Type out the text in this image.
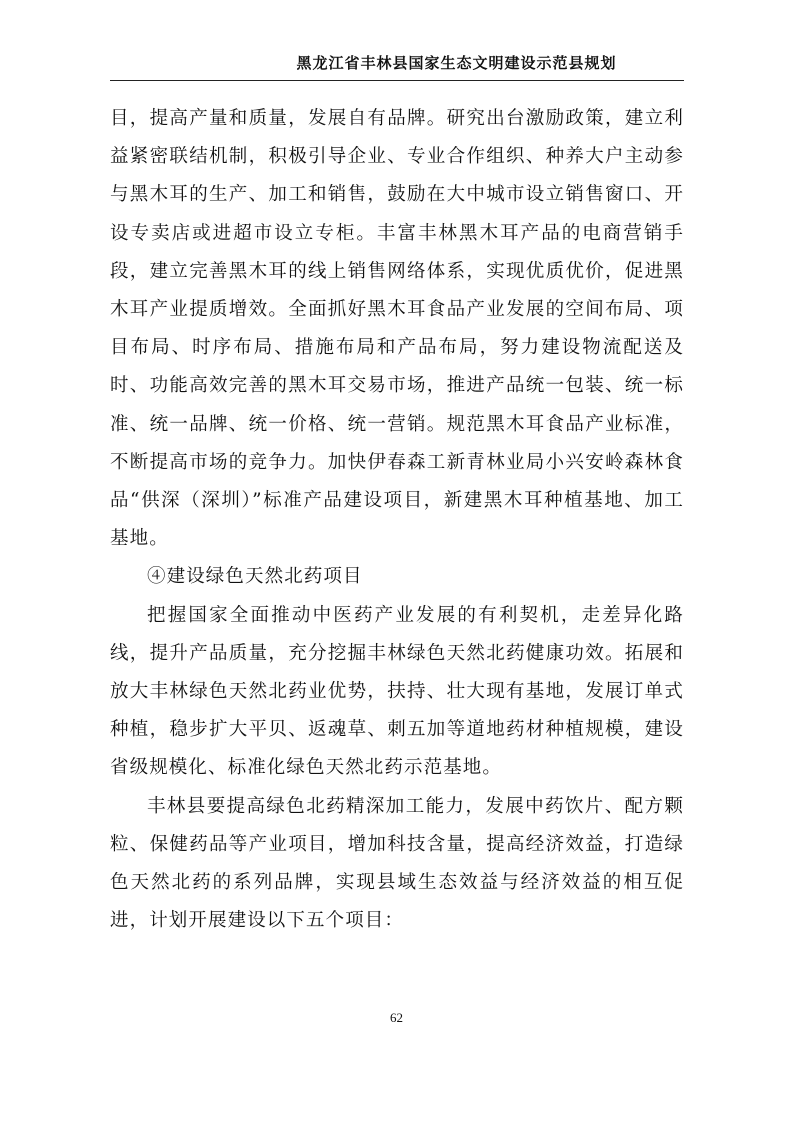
黑龙江省丰林县国家生态文明建设示范县规划

目，提高产量和质量，发展自有品牌。研究出台激励政策，建立利益紧密联结机制，积极引导企业、专业合作组织、种养大户主动参与黑木耳的生产、加工和销售，鼓励在大中城市设立销售窗口、开设专卖店或进超市设立专柜。丰富丰林黑木耳产品的电商营销手段，建立完善黑木耳的线上销售网络体系，实现优质优价，促进黑木耳产业提质增效。全面抓好黑木耳食品产业发展的空间布局、项目布局、时序布局、措施布局和产品布局，努力建设物流配送及时、功能高效完善的黑木耳交易市场，推进产品统一包装、统一标准、统一品牌、统一价格、统一营销。规范黑木耳食品产业标准，不断提高市场的竞争力。加快伊春森工新青林业局小兴安岭森林食品“供深（深圳）”标准产品建设项目，新建黑木耳种植基地、加工基地。

④建设绿色天然北药项目

把握国家全面推动中医药产业发展的有利契机，走差异化路线，提升产品质量，充分挖掘丰林绿色天然北药健康功效。拓展和放大丰林绿色天然北药业优势，扶持、壮大现有基地，发展订单式种植，稳步扩大平贝、返魂草、刺五加等道地药材种植规模，建设省级规模化、标准化绿色天然北药示范基地。

丰林县要提高绿色北药精深加工能力，发展中药饮片、配方颗粒、保健药品等产业项目，增加科技含量，提高经济效益，打造绿色天然北药的系列品牌，实现县域生态效益与经济效益的相互促进，计划开展建设以下五个项目：

62
